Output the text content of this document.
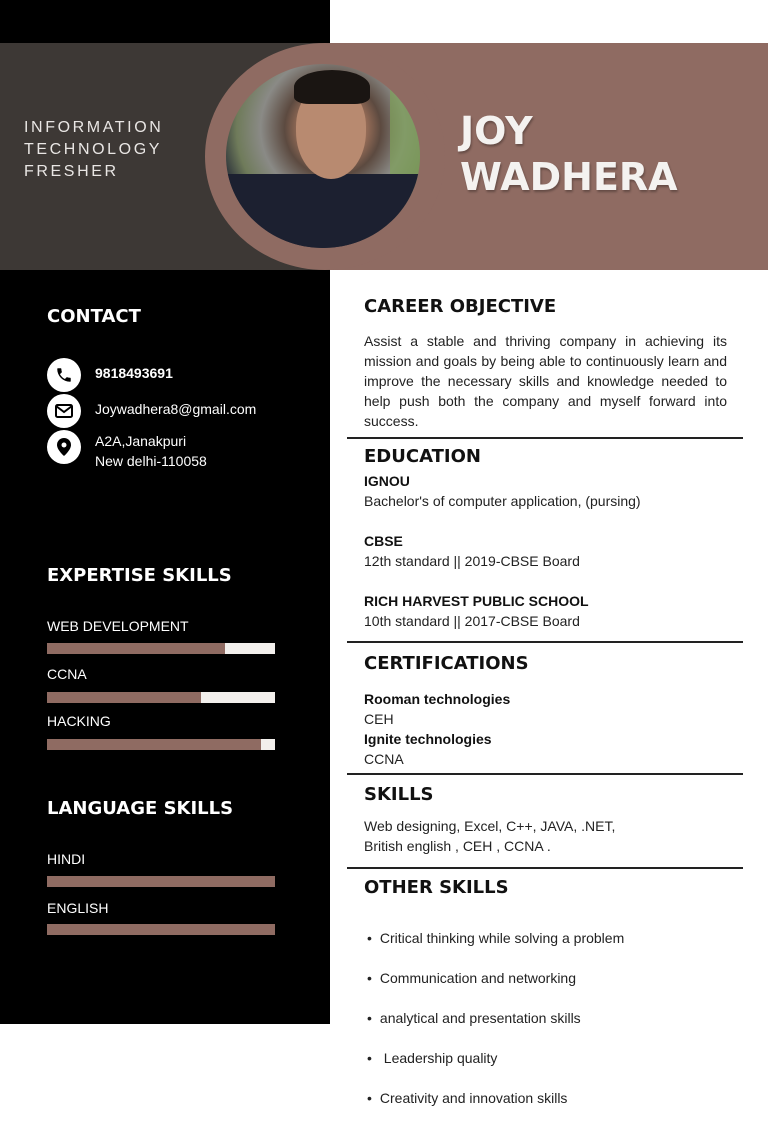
INFORMATION
TECHNOLOGY
FRESHER
JOY
WADHERA
CONTACT
9818493691
Joywadhera8@gmail.com
A2A,Janakpuri
New delhi-110058
EXPERTISE SKILLS
WEB DEVELOPMENT
CCNA
HACKING
LANGUAGE SKILLS
HINDI
ENGLISH
CAREER OBJECTIVE
Assist a stable and thriving company in achieving its mission and goals by being able to continuously learn and improve the necessary skills and knowledge needed to help push both the company and myself forward into success.
EDUCATION
IGNOU
Bachelor's of computer application, (pursing)
CBSE
12th standard || 2019-CBSE Board
RICH HARVEST PUBLIC SCHOOL
10th standard || 2017-CBSE Board
CERTIFICATIONS
Rooman technologies
CEH
Ignite technologies
CCNA
SKILLS
Web designing, Excel, C++, JAVA, .NET,
British english , CEH , CCNA .
OTHER SKILLS

• Critical thinking while solving a problem

• Communication and networking

• analytical and presentation skills

•  Leadership quality

• Creativity and innovation skills
